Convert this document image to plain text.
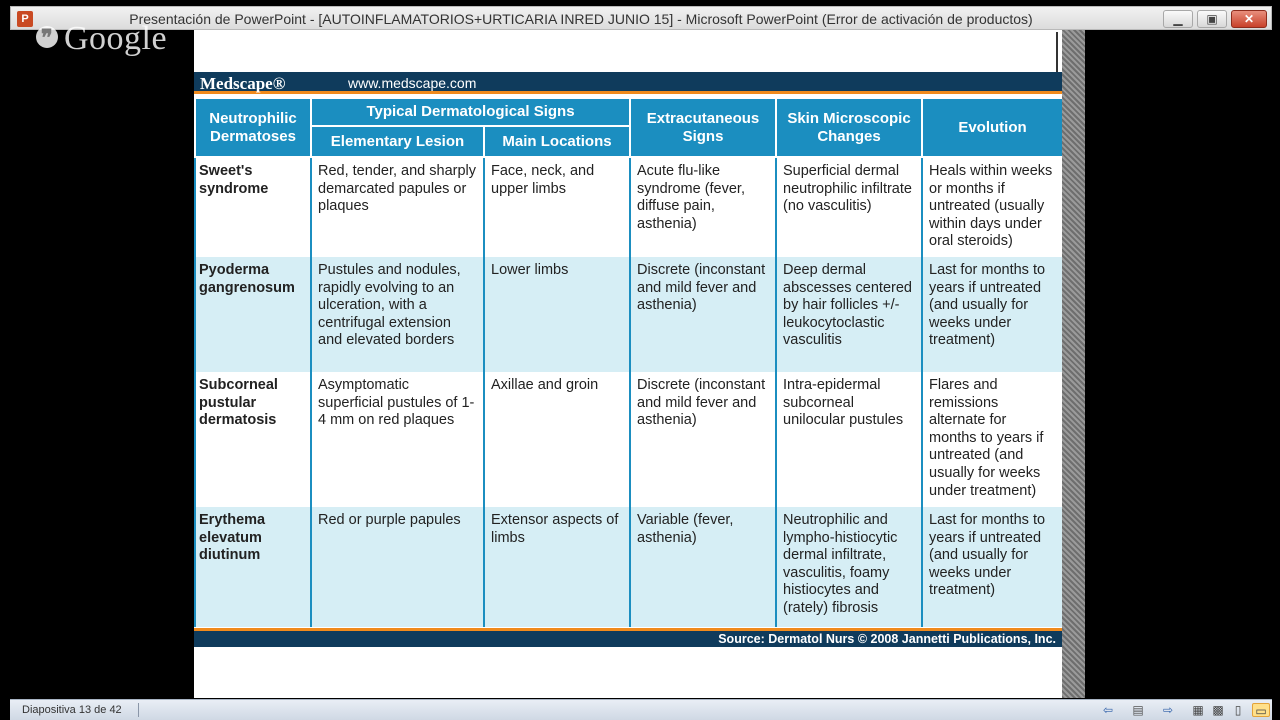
P	Presentación de PowerPoint - [AUTOINFLAMATORIOS+URTICARIA INRED JUNIO 15] - Microsoft PowerPoint (Error de activación de productos)	▁	▣	✕
❞ Google
Medscape®	www.medscape.com
Neutrophilic Dermatoses	Typical Dermatological Signs		Extracutaneous Signs	Skin Microscopic Changes	Evolution
	Elementary Lesion	Main Locations			
Sweet's syndrome	Red, tender, and sharply demarcated papules or plaques	Face, neck, and upper limbs	Acute flu-like syndrome (fever, diffuse pain, asthenia)	Superficial dermal neutrophilic infiltrate (no vasculitis)	Heals within weeks or months if untreated (usually within days under oral steroids)
Pyoderma gangrenosum	Pustules and nodules, rapidly evolving to an ulceration, with a centrifugal extension and elevated borders	Lower limbs	Discrete (inconstant and mild fever and asthenia)	Deep dermal abscesses centered by hair follicles +/- leukocytoclastic vasculitis	Last for months to years if untreated (and usually for weeks under treatment)
Subcorneal pustular dermatosis	Asymptomatic superficial pustules of 1-4 mm on red plaques	Axillae and groin	Discrete (inconstant and mild fever and asthenia)	Intra-epidermal subcorneal unilocular pustules	Flares and remissions alternate for months to years if untreated (and usually for weeks under treatment)
Erythema elevatum diutinum	Red or purple papules	Extensor aspects of limbs	Variable (fever, asthenia)	Neutrophilic and lympho-histiocytic dermal infiltrate, vasculitis, foamy histiocytes and (rately) fibrosis	Last for months to years if untreated (and usually for weeks under treatment)
Source: Dermatol Nurs © 2008 Jannetti Publications, Inc.
Diapositiva 13 de 42	⇦ ▤ ⇨ ▦ ▩ ▯	▭
